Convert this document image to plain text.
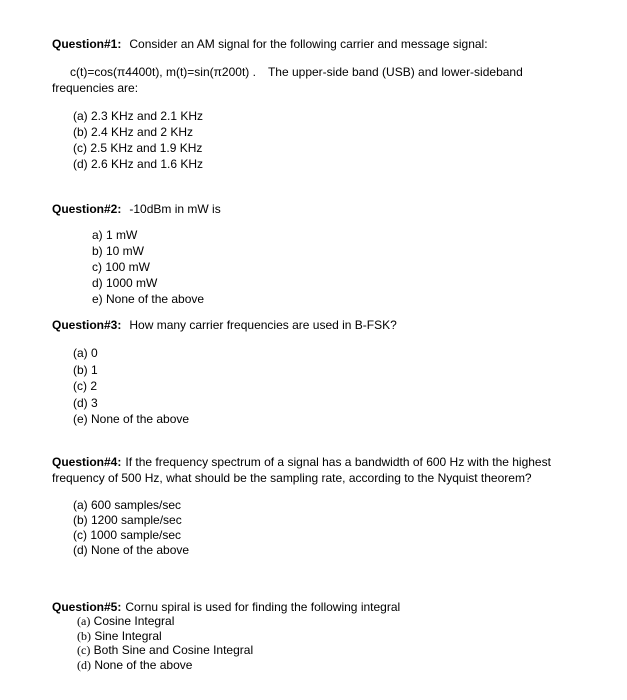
Question#1: Consider an AM signal for the following carrier and message signal:
c(t)=cos(π4400t), m(t)=sin(π200t) . The upper-side band (USB) and lower-sideband
frequencies are:
(a) 2.3 KHz and 2.1 KHz
(b) 2.4 KHz and 2 KHz
(c) 2.5 KHz and 1.9 KHz
(d) 2.6 KHz and 1.6 KHz
Question#2: -10dBm in mW is
a) 1 mW
b) 10 mW
c) 100 mW
d) 1000 mW
e) None of the above
Question#3: How many carrier frequencies are used in B-FSK?
(a) 0
(b) 1
(c) 2
(d) 3
(e) None of the above
Question#4: If the frequency spectrum of a signal has a bandwidth of 600 Hz with the highest frequency of 500 Hz, what should be the sampling rate, according to the Nyquist theorem?
(a) 600 samples/sec
(b) 1200 sample/sec
(c) 1000 sample/sec
(d) None of the above
Question#5: Cornu spiral is used for finding the following integral
(a) Cosine Integral
(b) Sine Integral
(c) Both Sine and Cosine Integral
(d) None of the above
